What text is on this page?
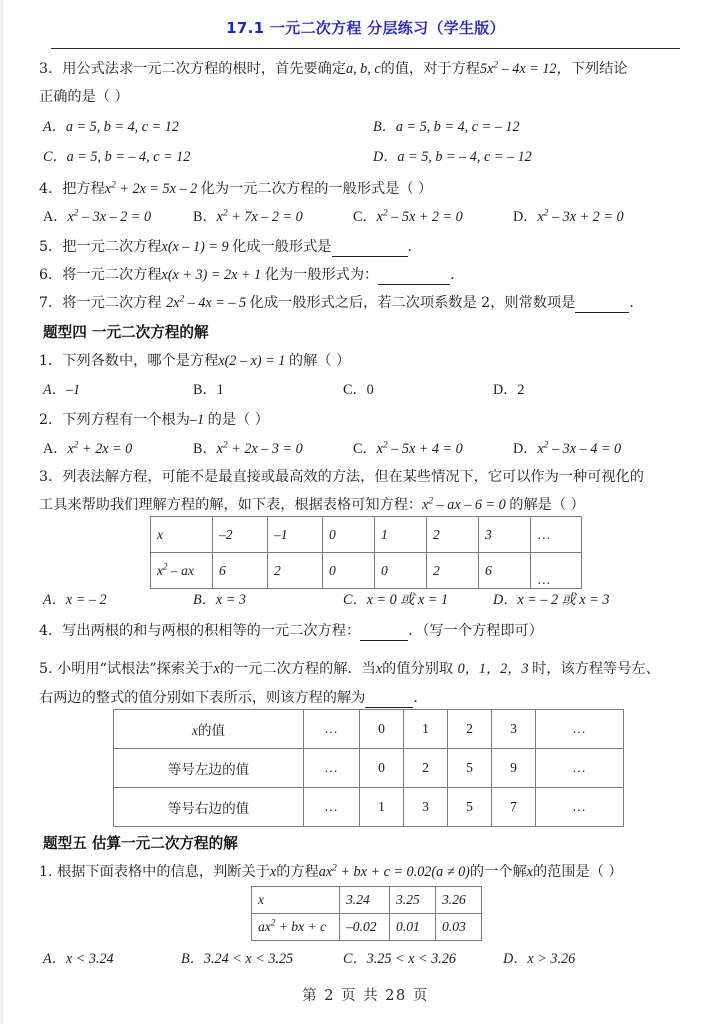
17.1 一元二次方程 分层练习（学生版）
3．用公式法求一元二次方程的根时，首先要确定a, b, c的值，对于方程$5x^2 - 4x = 12$，下列结论
正确的是（ ）
A．a = 5, b = 4, c = 12	B．a = 5, b = 4, c = – 12
C．a = 5, b = – 4, c = 12	D．a = 5, b = – 4, c = – 12
4．把方程$x^2 + 2x = 5x - 2$ 化为一元二次方程的一般形式是（ ）
A．$x^2 - 3x - 2 = 0$	B．$x^2 + 7x - 2 = 0$	C．$x^2 - 5x + 2 = 0$	D．$x^2 - 3x + 2 = 0$
5．把一元二次方程x(x – 1) = 9 化成一般形式是	．
6．将一元二次方程x(x + 3) = 2x + 1 化为一般形式为：	．
7．将一元二次方程 $2x^2 - 4x$ = – 5 化成一般形式之后，若二次项系数是 2，则常数项是	．
题型四 一元二次方程的解
1．下列各数中，哪个是方程x(2 – x) = 1 的解（ ）
A．–1	B．1	C．0	D．2
2．下列方程有一个根为–1 的是（ ）
A．$x^2 + 2x = 0$	B．$x^2 + 2x - 3 = 0$	C．$x^2 - 5x + 4 = 0$	D．$x^2 - 3x - 4 = 0$
3．列表法解方程，可能不是最直接或最高效的方法，但在某些情况下，它可以作为一种可视化的
工具来帮助我们理解方程的解，如下表，根据表格可知方程：$x^2$ – ax – 6 = 0 的解是（ ）
x	–2	–1	0	1	2	3	…
$x^2$ – ax	6	2	0	0	2	6	…
A．x = – 2	B．x = 3	C．x = 0 或 x = 1	D．x = – 2 或 x = 3
4．写出两根的和与两根的积相等的一元二次方程：	．（写一个方程即可）
5. 小明用“试根法”探索关于x的一元二次方程的解．当x的值分别取 0，1，2，3 时，该方程等号左、
右两边的整式的值分别如下表所示，则该方程的解为	．
x的值	…	0	1	2	3	…
等号左边的值	…	0	2	5	9	…
等号右边的值	…	1	3	5	7	…
题型五 估算一元二次方程的解
1. 根据下面表格中的信息，判断关于x的方程$ax^2$ + bx + c = 0.02(a ≠ 0)的一个解x的范围是（ ）
x	3.24	3.25	3.26
$ax^2$ + bx + c	–0.02	0.01	0.03
A．x < 3.24	B．3.24 < x < 3.25	C．3.25 < x < 3.26	D．x > 3.26
第 2 页 共 28 页
